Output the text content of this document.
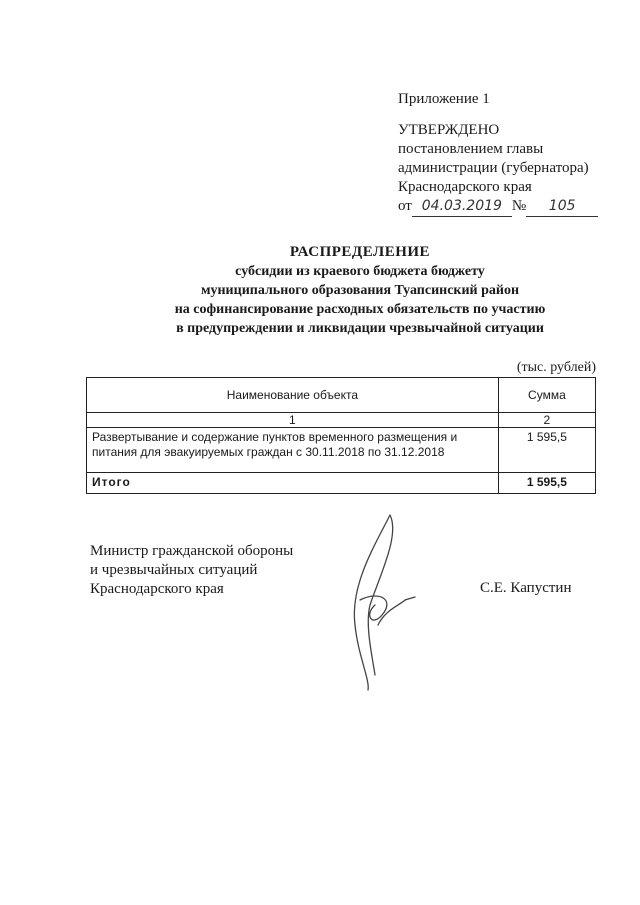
Приложение 1
УТВЕРЖДЕНО
постановлением главы
администрации (губернатора)
Краснодарского края
от 04.03.2019 № 105
РАСПРЕДЕЛЕНИЕ
субсидии из краевого бюджета бюджету
муниципального образования Туапсинский район
на софинансирование расходных обязательств по участию
в предупреждении и ликвидации чрезвычайной ситуации
(тыс. рублей)
Наименование объекта	Сумма
1	2
Развертывание и содержание пунктов временного размещения и питания для эвакуируемых граждан с 30.11.2018 по 31.12.2018	1 595,5
Итого	1 595,5
Министр гражданской обороны
и чрезвычайных ситуаций
Краснодарского края	С.Е. Капустин
